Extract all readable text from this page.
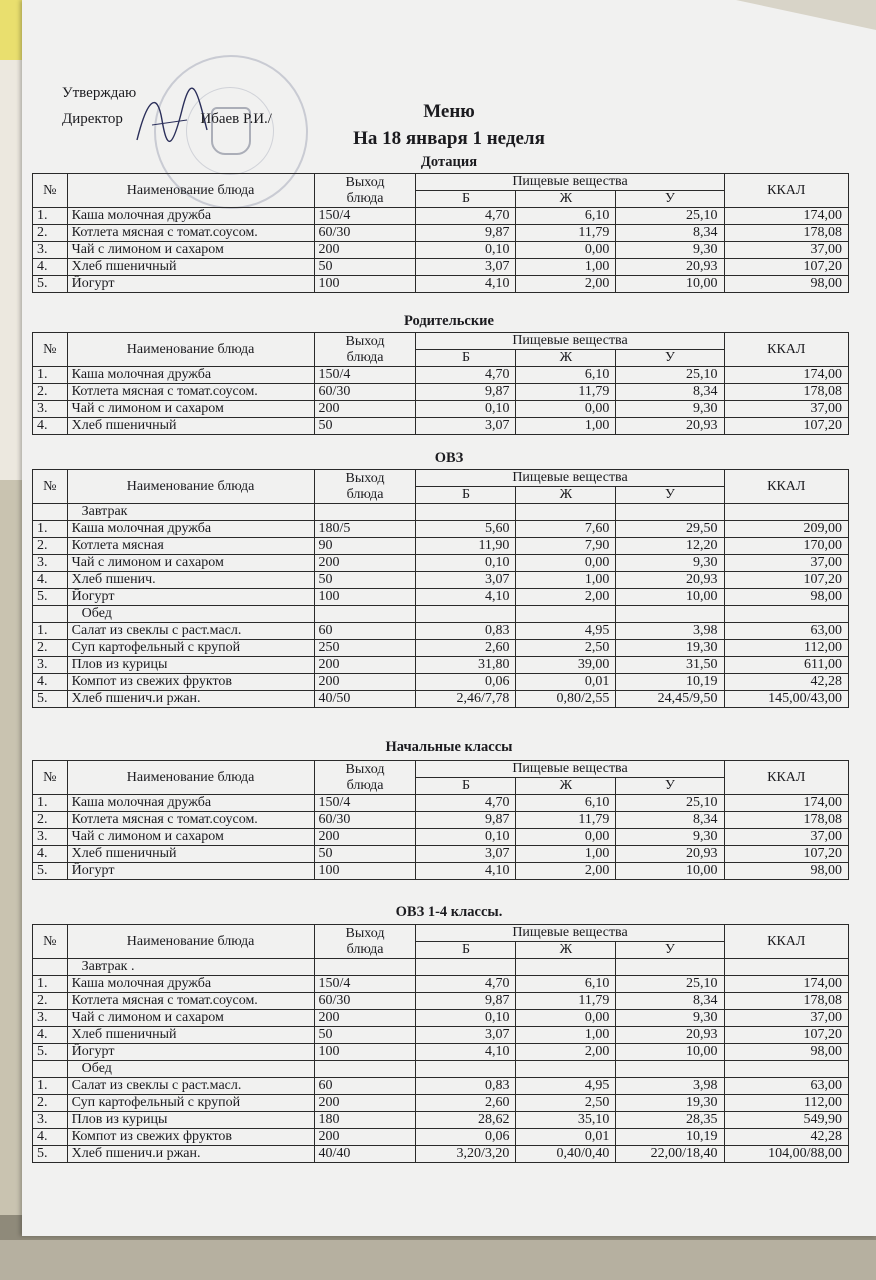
Утверждаю
Директор	Ибаев Р.И./	Меню
На 18 января 1 неделя
Дотация
№	Наименование блюда	Выход
блюда	Пищевые вещества			ККАЛ
			Б	Ж	У	
1.	Каша молочная дружба	150/4	4,70	6,10	25,10	174,00
2.	Котлета мясная с томат.соусом.	60/30	9,87	11,79	8,34	178,08
3.	Чай с лимоном и сахаром	200	0,10	0,00	9,30	37,00
4.	Хлеб пшеничный	50	3,07	1,00	20,93	107,20
5.	Йогурт	100	4,10	2,00	10,00	98,00
Родительские
№	Наименование блюда	Выход
блюда	Пищевые вещества			ККАЛ
			Б	Ж	У	
1.	Каша молочная дружба	150/4	4,70	6,10	25,10	174,00
2.	Котлета мясная с томат.соусом.	60/30	9,87	11,79	8,34	178,08
3.	Чай с лимоном и сахаром	200	0,10	0,00	9,30	37,00
4.	Хлеб пшеничный	50	3,07	1,00	20,93	107,20
ОВЗ
№	Наименование блюда	Выход
блюда	Пищевые вещества			ККАЛ
			Б	Ж	У	
	Завтрак					
1.	Каша молочная дружба	180/5	5,60	7,60	29,50	209,00
2.	Котлета мясная	90	11,90	7,90	12,20	170,00
3.	Чай с лимоном и сахаром	200	0,10	0,00	9,30	37,00
4.	Хлеб пшенич.	50	3,07	1,00	20,93	107,20
5.	Йогурт	100	4,10	2,00	10,00	98,00
	Обед					
1.	Салат из свеклы с раст.масл.	60	0,83	4,95	3,98	63,00
2.	Суп картофельный с крупой	250	2,60	2,50	19,30	112,00
3.	Плов из курицы	200	31,80	39,00	31,50	611,00
4.	Компот из свежих фруктов	200	0,06	0,01	10,19	42,28
5.	Хлеб пшенич.и ржан.	40/50	2,46/7,78	0,80/2,55	24,45/9,50	145,00/43,00
Начальные классы
№	Наименование блюда	Выход
блюда	Пищевые вещества			ККАЛ
			Б	Ж	У	
1.	Каша молочная дружба	150/4	4,70	6,10	25,10	174,00
2.	Котлета мясная с томат.соусом.	60/30	9,87	11,79	8,34	178,08
3.	Чай с лимоном и сахаром	200	0,10	0,00	9,30	37,00
4.	Хлеб пшеничный	50	3,07	1,00	20,93	107,20
5.	Йогурт	100	4,10	2,00	10,00	98,00
ОВЗ 1-4 классы.
№	Наименование блюда	Выход
блюда	Пищевые вещества			ККАЛ
			Б	Ж	У	
	Завтрак .					
1.	Каша молочная дружба	150/4	4,70	6,10	25,10	174,00
2.	Котлета мясная с томат.соусом.	60/30	9,87	11,79	8,34	178,08
3.	Чай с лимоном и сахаром	200	0,10	0,00	9,30	37,00
4.	Хлеб пшеничный	50	3,07	1,00	20,93	107,20
5.	Йогурт	100	4,10	2,00	10,00	98,00
	Обед					
1.	Салат из свеклы с раст.масл.	60	0,83	4,95	3,98	63,00
2.	Суп картофельный с крупой	200	2,60	2,50	19,30	112,00
3.	Плов из курицы	180	28,62	35,10	28,35	549,90
4.	Компот из свежих фруктов	200	0,06	0,01	10,19	42,28
5.	Хлеб пшенич.и ржан.	40/40	3,20/3,20	0,40/0,40	22,00/18,40	104,00/88,00
